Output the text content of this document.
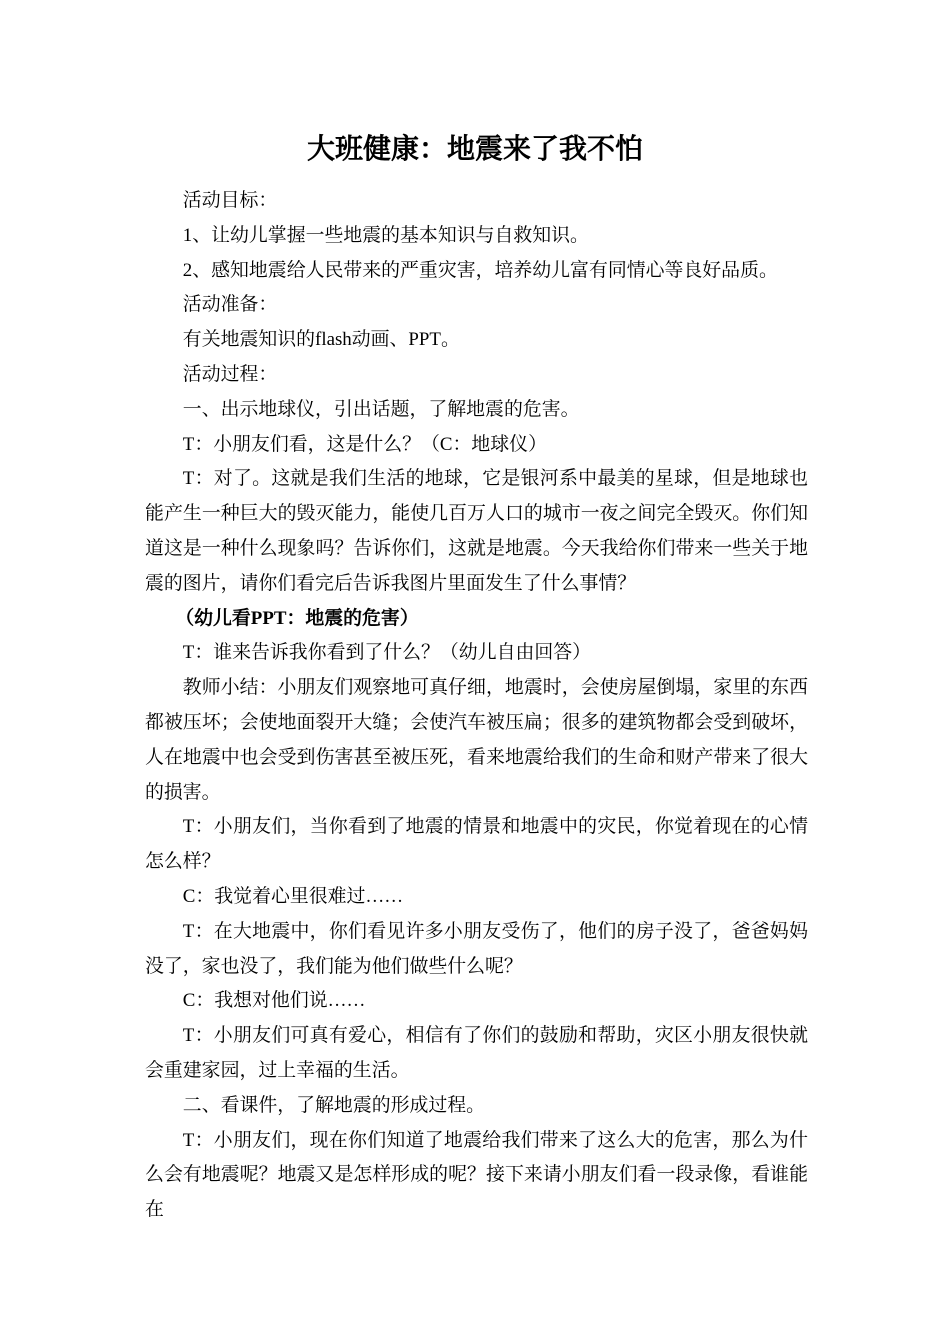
大班健康：地震来了我不怕

活动目标：

1、让幼儿掌握一些地震的基本知识与自救知识。

2、感知地震给人民带来的严重灾害，培养幼儿富有同情心等良好品质。

活动准备：

有关地震知识的flash动画、PPT。

活动过程：

一、出示地球仪，引出话题，了解地震的危害。

T：小朋友们看，这是什么？（C：地球仪）

T：对了。这就是我们生活的地球，它是银河系中最美的星球，但是地球也能产生一种巨大的毁灭能力，能使几百万人口的城市一夜之间完全毁灭。你们知道这是一种什么现象吗？告诉你们，这就是地震。今天我给你们带来一些关于地震的图片，请你们看完后告诉我图片里面发生了什么事情？

（幼儿看PPT：地震的危害）

T：谁来告诉我你看到了什么？（幼儿自由回答）

教师小结：小朋友们观察地可真仔细，地震时，会使房屋倒塌，家里的东西都被压坏；会使地面裂开大缝；会使汽车被压扁；很多的建筑物都会受到破坏，人在地震中也会受到伤害甚至被压死，看来地震给我们的生命和财产带来了很大的损害。

T：小朋友们，当你看到了地震的情景和地震中的灾民，你觉着现在的心情怎么样？

C：我觉着心里很难过……

T：在大地震中，你们看见许多小朋友受伤了，他们的房子没了，爸爸妈妈没了，家也没了，我们能为他们做些什么呢？

C：我想对他们说……

T：小朋友们可真有爱心，相信有了你们的鼓励和帮助，灾区小朋友很快就会重建家园，过上幸福的生活。

二、看课件，了解地震的形成过程。

T：小朋友们，现在你们知道了地震给我们带来了这么大的危害，那么为什么会有地震呢？地震又是怎样形成的呢？接下来请小朋友们看一段录像，看谁能在
